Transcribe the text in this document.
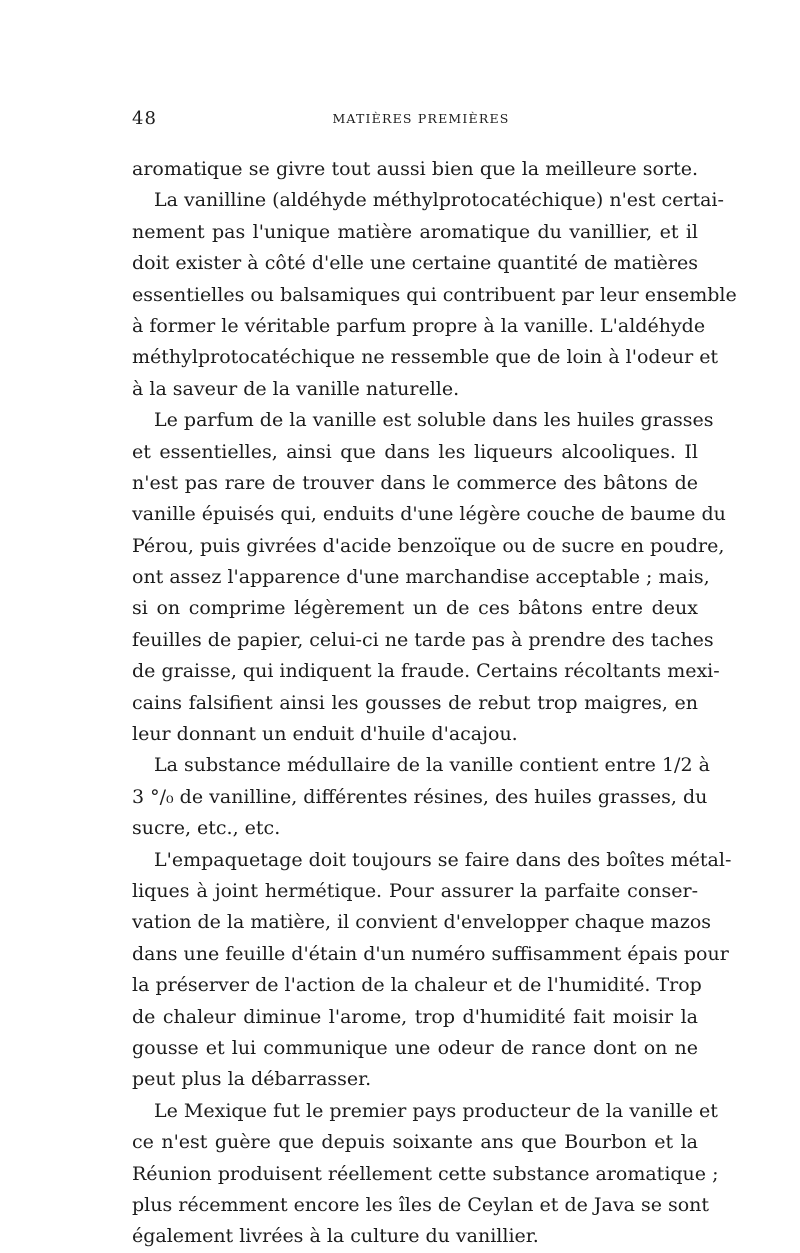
48	MATIÈRES PREMIÈRES
aromatique se givre tout aussi bien que la meilleure sorte.
La vanilline (aldéhyde méthylprotocatéchique) n'est certai-
nement pas l'unique matière aromatique du vanillier, et il
doit exister à côté d'elle une certaine quantité de matières
essentielles ou balsamiques qui contribuent par leur ensemble
à former le véritable parfum propre à la vanille. L'aldéhyde
méthylprotocatéchique ne ressemble que de loin à l'odeur et
à la saveur de la vanille naturelle.
Le parfum de la vanille est soluble dans les huiles grasses
et essentielles, ainsi que dans les liqueurs alcooliques. Il
n'est pas rare de trouver dans le commerce des bâtons de
vanille épuisés qui, enduits d'une légère couche de baume du
Pérou, puis givrées d'acide benzoïque ou de sucre en poudre,
ont assez l'apparence d'une marchandise acceptable ; mais,
si on comprime légèrement un de ces bâtons entre deux
feuilles de papier, celui-ci ne tarde pas à prendre des taches
de graisse, qui indiquent la fraude. Certains récoltants mexi-
cains falsifient ainsi les gousses de rebut trop maigres, en
leur donnant un enduit d'huile d'acajou.
La substance médullaire de la vanille contient entre 1/2 à
3 °/₀ de vanilline, différentes résines, des huiles grasses, du
sucre, etc., etc.
L'empaquetage doit toujours se faire dans des boîtes métal-
liques à joint hermétique. Pour assurer la parfaite conser-
vation de la matière, il convient d'envelopper chaque mazos
dans une feuille d'étain d'un numéro suffisamment épais pour
la préserver de l'action de la chaleur et de l'humidité. Trop
de chaleur diminue l'arome, trop d'humidité fait moisir la
gousse et lui communique une odeur de rance dont on ne
peut plus la débarrasser.
Le Mexique fut le premier pays producteur de la vanille et
ce n'est guère que depuis soixante ans que Bourbon et la
Réunion produisent réellement cette substance aromatique ;
plus récemment encore les îles de Ceylan et de Java se sont
également livrées à la culture du vanillier.
